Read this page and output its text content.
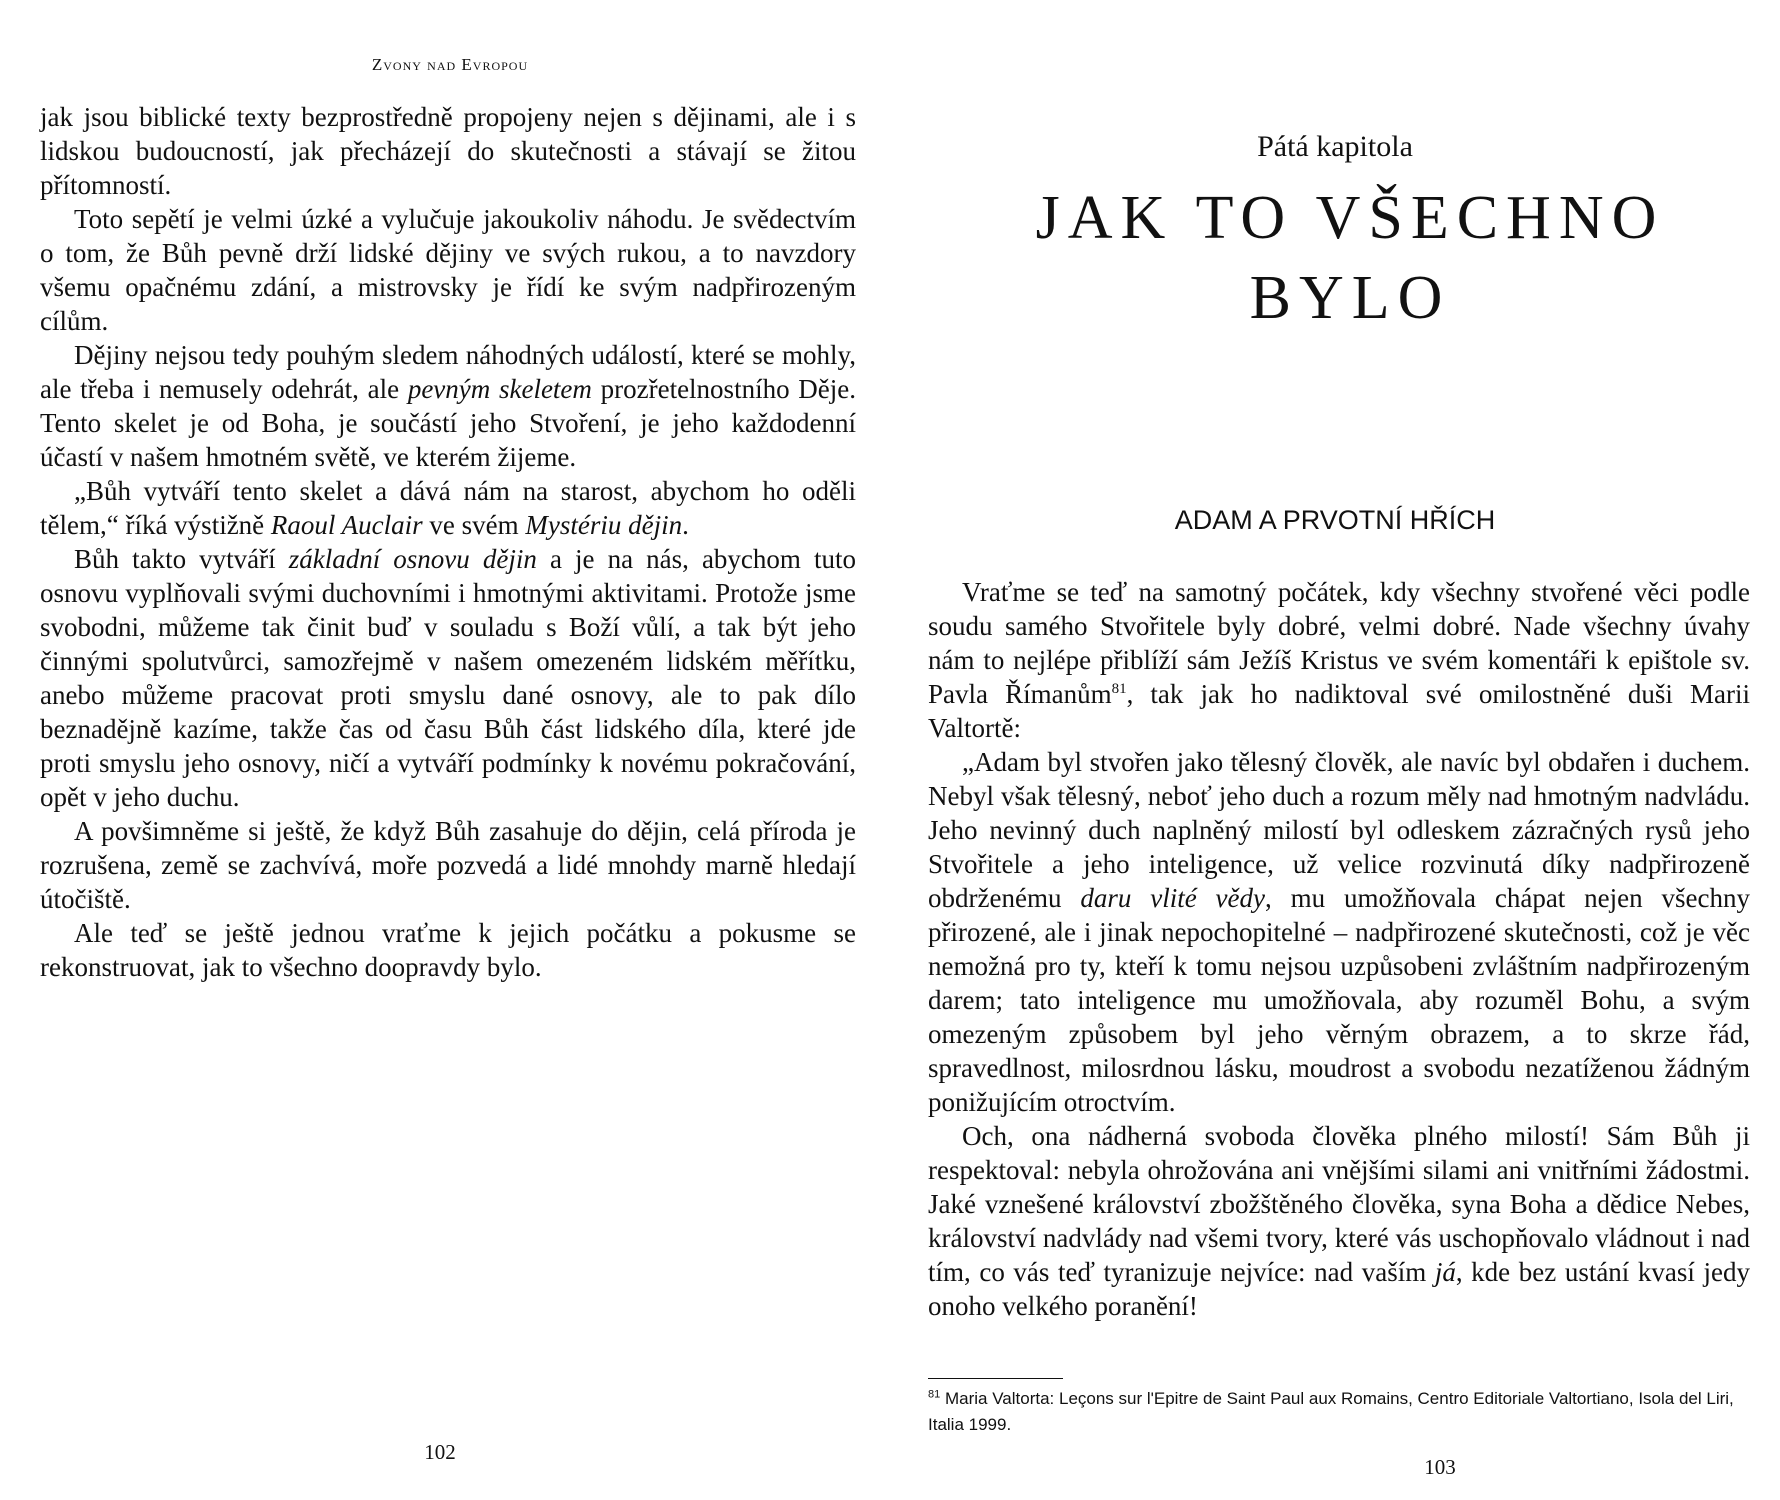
Zvony nad Evropou

jak jsou biblické texty bezprostředně propojeny nejen s dějinami, ale i s lidskou budoucností, jak přecházejí do skutečnosti a stávají se žitou přítomností.

Toto sepětí je velmi úzké a vylučuje jakoukoliv náhodu. Je svědectvím o tom, že Bůh pevně drží lidské dějiny ve svých rukou, a to navzdory všemu opačnému zdání, a mistrovsky je řídí ke svým nadpřirozeným cílům.

Dějiny nejsou tedy pouhým sledem náhodných událostí, které se mohly, ale třeba i nemusely odehrát, ale pevným skeletem prozřetelnostního Děje. Tento skelet je od Boha, je součástí jeho Stvoření, je jeho každodenní účastí v našem hmotném světě, ve kterém žijeme.

„Bůh vytváří tento skelet a dává nám na starost, abychom ho oděli tělem,“ říká výstižně Raoul Auclair ve svém Mystériu dějin.

Bůh takto vytváří základní osnovu dějin a je na nás, abychom tuto osnovu vyplňovali svými duchovními i hmotnými aktivitami. Protože jsme svobodni, můžeme tak činit buď v souladu s Boží vůlí, a tak být jeho činnými spolutvůrci, samozřejmě v našem omezeném lidském měřítku, anebo můžeme pracovat proti smyslu dané osnovy, ale to pak dílo beznadějně kazíme, takže čas od času Bůh část lidského díla, které jde proti smyslu jeho osnovy, ničí a vytváří podmínky k novému pokračování, opět v jeho duchu.

A povšimněme si ještě, že když Bůh zasahuje do dějin, celá příroda je rozrušena, země se zachvívá, moře pozvedá a lidé mnohdy marně hledají útočiště.

Ale teď se ještě jednou vraťme k jejich počátku a pokusme se rekonstruovat, jak to všechno doopravdy bylo.

102
Pátá kapitola
JAK TO VŠECHNO BYLO
ADAM A PRVOTNÍ HŘÍCH

Vraťme se teď na samotný počátek, kdy všechny stvořené věci podle soudu samého Stvořitele byly dobré, velmi dobré. Nade všechny úvahy nám to nejlépe přiblíží sám Ježíš Kristus ve svém komentáři k epištole sv. Pavla Římanům$^{81}$, tak jak ho nadiktoval své omilostněné duši Marii Valtortě:

„Adam byl stvořen jako tělesný člověk, ale navíc byl obdařen i duchem. Nebyl však tělesný, neboť jeho duch a rozum měly nad hmotným nadvládu. Jeho nevinný duch naplněný milostí byl odleskem zázračných rysů jeho Stvořitele a jeho inteligence, už velice rozvinutá díky nadpřirozeně obdrženému daru vlité vědy, mu umožňovala chápat nejen všechny přirozené, ale i jinak nepochopitelné – nadpřirozené skutečnosti, což je věc nemožná pro ty, kteří k tomu nejsou uzpůsobeni zvláštním nadpřirozeným darem; tato inteligence mu umožňovala, aby rozuměl Bohu, a svým omezeným způsobem byl jeho věrným obrazem, a to skrze řád, spravedlnost, milosrdnou lásku, moudrost a svobodu nezatíženou žádným ponižujícím otroctvím.

Och, ona nádherná svoboda člověka plného milostí! Sám Bůh ji respektoval: nebyla ohrožována ani vnějšími silami ani vnitřními žádostmi. Jaké vznešené království zbožštěného člověka, syna Boha a dědice Nebes, království nadvlády nad všemi tvory, které vás uschopňovalo vládnout i nad tím, co vás teď tyranizuje nejvíce: nad vaším já, kde bez ustání kvasí jedy onoho velkého poranění!

$^{81}$ Maria Valtorta: Leçons sur l'Epitre de Saint Paul aux Romains, Centro Editoriale Valtortiano, Isola del Liri, Italia 1999.
103
